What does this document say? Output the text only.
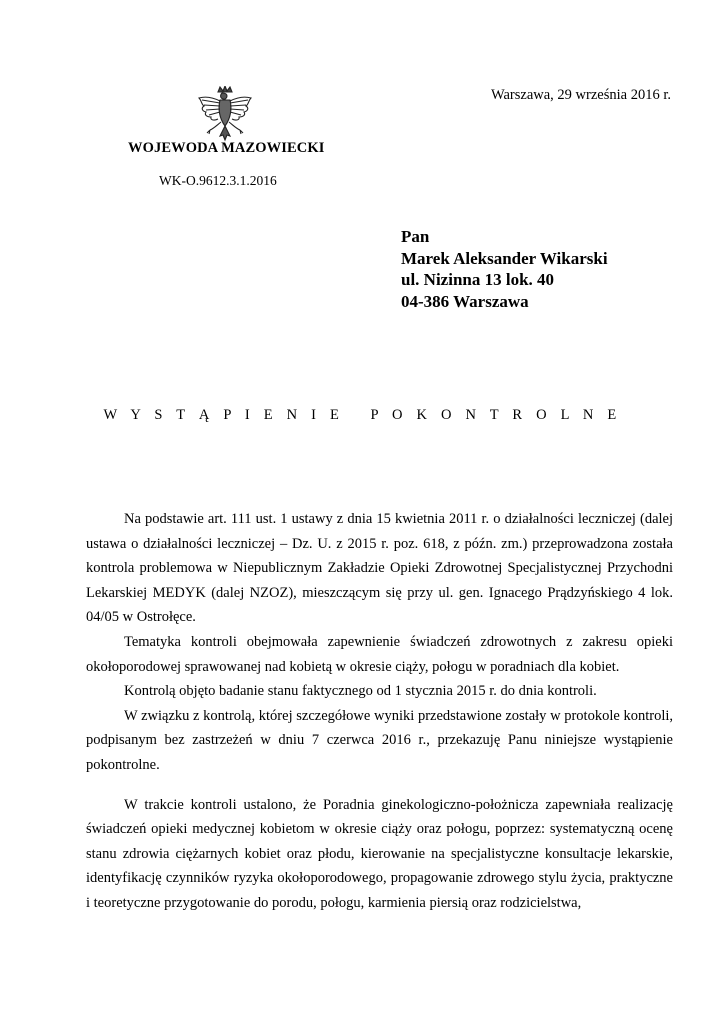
Warszawa, 29 września 2016 r.
WOJEWODA MAZOWIECKI
WK-O.9612.3.1.2016
Pan
Marek Aleksander Wikarski
ul. Nizinna 13 lok. 40
04-386 Warszawa
W Y S T Ą P I E N I E   P O K O N T R O L N E

Na podstawie art. 111 ust. 1 ustawy z dnia 15 kwietnia 2011 r. o działalności leczniczej (dalej ustawa o działalności leczniczej – Dz. U. z 2015 r. poz. 618, z późn. zm.) przeprowadzona została kontrola problemowa w Niepublicznym Zakładzie Opieki Zdrowotnej Specjalistycznej Przychodni Lekarskiej MEDYK (dalej NZOZ), mieszczącym się przy ul. gen. Ignacego Prądzyńskiego 4 lok. 04/05 w Ostrołęce.

Tematyka kontroli obejmowała zapewnienie świadczeń zdrowotnych z zakresu opieki okołoporodowej sprawowanej nad kobietą w okresie ciąży, połogu w poradniach dla kobiet.

Kontrolą objęto badanie stanu faktycznego od 1 stycznia 2015 r. do dnia kontroli.

W związku z kontrolą, której szczegółowe wyniki przedstawione zostały w protokole kontroli, podpisanym bez zastrzeżeń w dniu 7 czerwca 2016 r., przekazuję Panu niniejsze wystąpienie pokontrolne.

W trakcie kontroli ustalono, że Poradnia ginekologiczno-położnicza zapewniała realizację świadczeń opieki medycznej kobietom w okresie ciąży oraz połogu, poprzez: systematyczną ocenę stanu zdrowia ciężarnych kobiet oraz płodu, kierowanie na specjalistyczne konsultacje lekarskie, identyfikację czynników ryzyka okołoporodowego, propagowanie zdrowego stylu życia, praktyczne i teoretyczne przygotowanie do porodu, połogu, karmienia piersią oraz rodzicielstwa,
